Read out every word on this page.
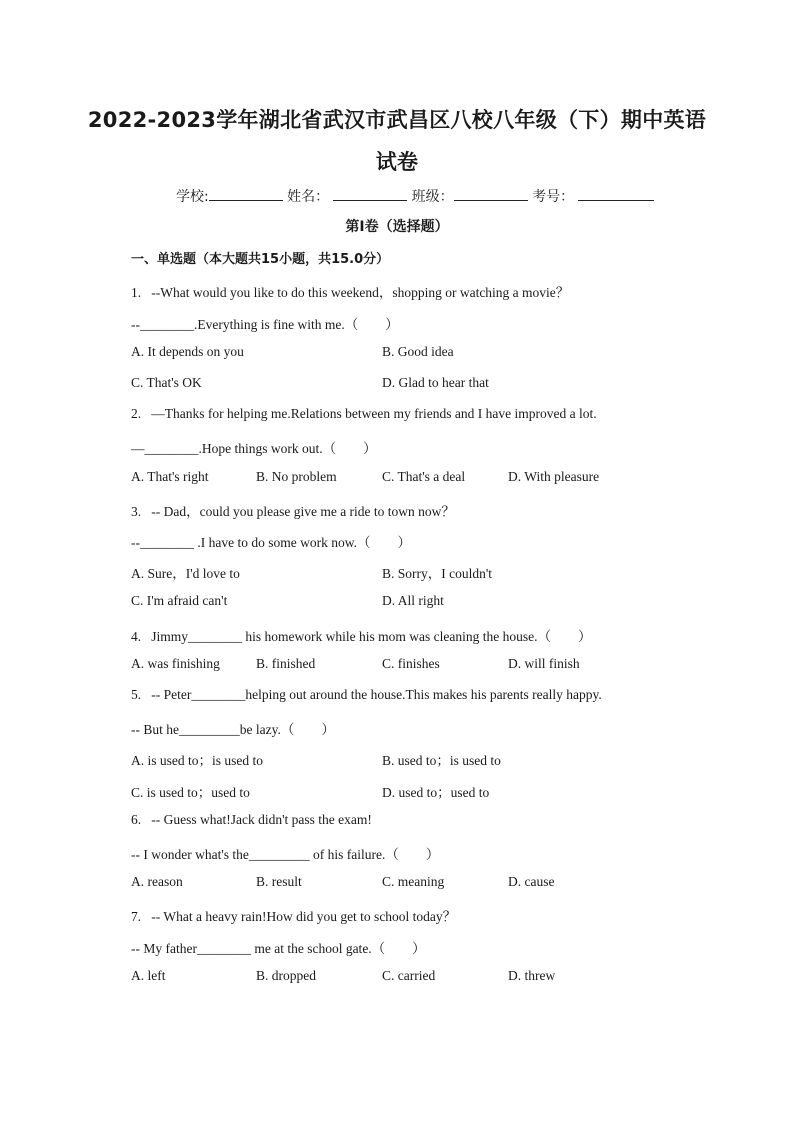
2022-2023学年湖北省武汉市武昌区八校八年级（下）期中英语
试卷
学校:	姓名：	班级：	考号：
第I卷（选择题）
一、单选题（本大题共15小题，共15.0分）
1. --What would you like to do this weekend，shopping or watching a movie？
--________.Everything is fine with me.（　　）
A. It depends on you	B. Good idea
C. That's OK	D. Glad to hear that
2. —Thanks for helping me.Relations between my friends and I have improved a lot.
—________.Hope things work out.（　　）
A. That's right	B. No problem	C. That's a deal	D. With pleasure
3. -- Dad，could you please give me a ride to town now？
--________ .I have to do some work now.（　　）
A. Sure，I'd love to	B. Sorry，I couldn't
C. I'm afraid can't	D. All right
4. Jimmy________ his homework while his mom was cleaning the house.（　　）
A. was finishing	B. finished	C. finishes	D. will finish
5. -- Peter________helping out around the house.This makes his parents really happy.
-- But he_________be lazy.（　　）
A. is used to；is used to	B. used to；is used to
C. is used to；used to	D. used to；used to
6. -- Guess what!Jack didn't pass the exam!
-- I wonder what's the_________ of his failure.（　　）
A. reason	B. result	C. meaning	D. cause
7. -- What a heavy rain!How did you get to school today？
-- My father________ me at the school gate.（　　）
A. left	B. dropped	C. carried	D. threw
